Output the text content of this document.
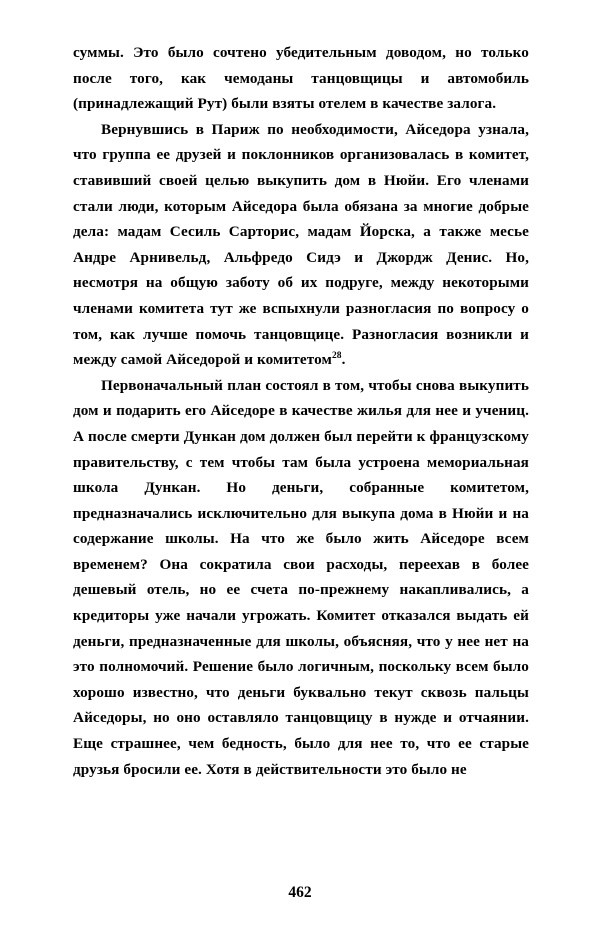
суммы. Это было сочтено убедительным доводом, но только после того, как чемоданы танцовщицы и автомобиль (принадлежащий Рут) были взяты отелем в качестве залога.

Вернувшись в Париж по необходимости, Айседора узнала, что группа ее друзей и поклонников организовалась в комитет, ставивший своей целью выкупить дом в Нюйи. Его членами стали люди, которым Айседора была обязана за многие добрые дела: мадам Сесиль Сарторис, мадам Йорска, а также месье Андре Арнивельд, Альфредо Сидэ и Джордж Денис. Но, несмотря на общую заботу об их подруге, между некоторыми членами комитета тут же вспыхнули разногласия по вопросу о том, как лучше помочь танцовщице. Разногласия возникли и между самой Айседорой и комитетом$^{28}$.

Первоначальный план состоял в том, чтобы снова выкупить дом и подарить его Айседоре в качестве жилья для нее и учениц. А после смерти Дункан дом должен был перейти к французскому правительству, с тем чтобы там была устроена мемориальная школа Дункан. Но деньги, собранные комитетом, предназначались исключительно для выкупа дома в Нюйи и на содержание школы. На что же было жить Айседоре всем временем? Она сократила свои расходы, переехав в более дешевый отель, но ее счета по-прежнему накапливались, а кредиторы уже начали угрожать. Комитет отказался выдать ей деньги, предназначенные для школы, объясняя, что у нее нет на это полномочий. Решение было логичным, поскольку всем было хорошо известно, что деньги буквально текут сквозь пальцы Айседоры, но оно оставляло танцовщицу в нужде и отчаянии. Еще страшнее, чем бедность, было для нее то, что ее старые друзья бросили ее. Хотя в действительности это было не

462
